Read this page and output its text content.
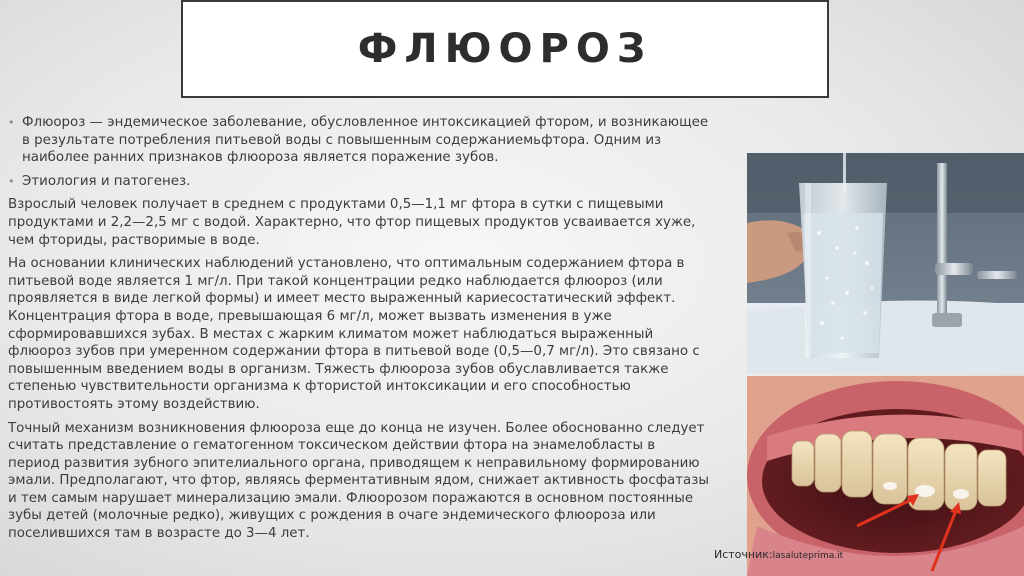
ФЛЮОРОЗ
• Флюороз — эндемическое заболевание, обусловленное интоксикацией фтором, и возникающее в результате потребления питьевой воды с повышенным содержаниемьфтора. Одним из наиболее ранних признаков флюороза является поражение зубов.
• Этиология и патогенез.

Взрослый человек получает в среднем с продуктами 0,5—1,1 мг фтора в сутки с пищевыми продуктами и 2,2—2,5 мг с водой. Характерно, что фтор пищевых продуктов усваивается хуже, чем фториды, растворимые в воде.

На основании клинических наблюдений установлено, что оптимальным содержанием фтора в питьевой воде является 1 мг/л. При такой концентрации редко наблюдается флюороз (или проявляется в виде легкой формы) и имеет место выраженный кариесостатический эффект. Концентрация фтора в воде, превышающая 6 мг/л, может вызвать изменения в уже сформировавшихся зубах. В местах с жарким климатом может наблюдаться выраженный флюороз зубов при умеренном содержании фтора в питьевой воде (0,5—0,7 мг/л). Это связано с повышенным введением воды в организм. Тяжесть флюороза зубов обуславливается также степенью чувствительности организма к фтористой интоксикации и его способностью противостоять этому воздействию.

Точный механизм возникновения флюороза еще до конца не изучен. Более обоснованно следует считать представление о гематогенном токсическом действии фтора на энамелобласты в период развития зубного эпителиального органа, приводящем к неправильному формированию эмали. Предполагают, что фтор, являясь ферментативным ядом, снижает активность фосфатазы и тем самым нарушает минерализацию эмали. Флюорозом поражаются в основном постоянные зубы детей (молочные редко), живущих с рождения в очаге эндемического флюороза или поселившихся там в возрасте до 3—4 лет.

Источник:lasaluteprima.it
